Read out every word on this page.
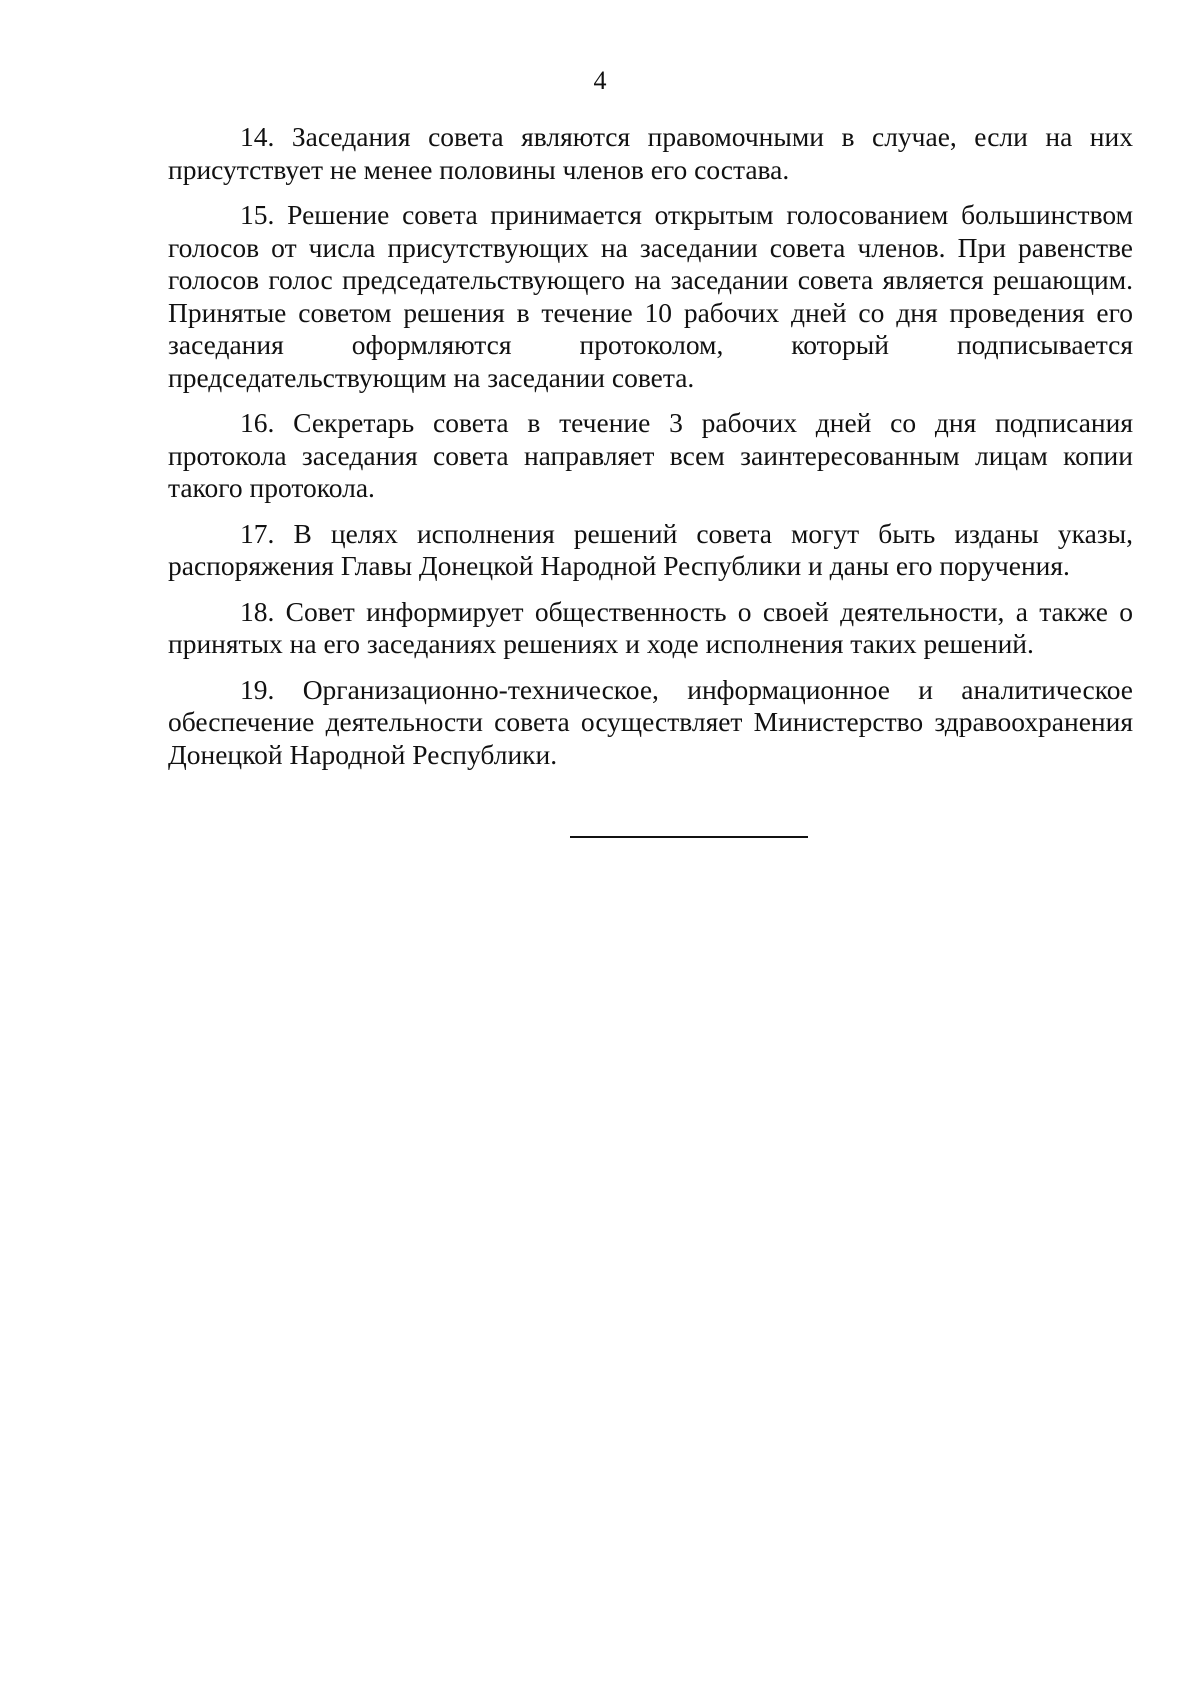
4

14. Заседания совета являются правомочными в случае, если на них присутствует не менее половины членов его состава.

15. Решение совета принимается открытым голосованием большинством голосов от числа присутствующих на заседании совета членов. При равенстве голосов голос председательствующего на заседании совета является решающим. Принятые советом решения в течение 10 рабочих дней со дня проведения его заседания оформляются протоколом, который подписывается председательствующим на заседании совета.

16. Секретарь совета в течение 3 рабочих дней со дня подписания протокола заседания совета направляет всем заинтересованным лицам копии такого протокола.

17. В целях исполнения решений совета могут быть изданы указы, распоряжения Главы Донецкой Народной Республики и даны его поручения.

18. Совет информирует общественность о своей деятельности, а также о принятых на его заседаниях решениях и ходе исполнения таких решений.

19. Организационно-техническое, информационное и аналитическое обеспечение деятельности совета осуществляет Министерство здравоохранения Донецкой Народной Республики.
